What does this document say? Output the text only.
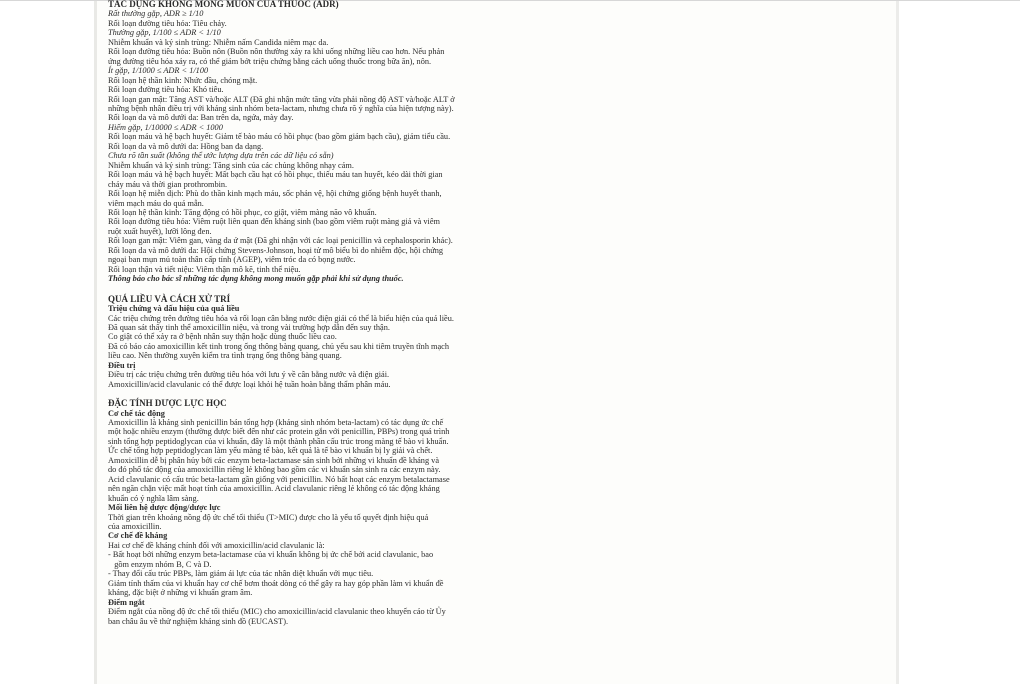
TÁC DỤNG KHÔNG MONG MUỐN CỦA THUỐC (ADR)

Rất thường gặp, ADR ≥ 1/10

Rối loạn đường tiêu hóa: Tiêu chảy.

Thường gặp, 1/100 ≤ ADR < 1/10

Nhiễm khuẩn và ký sinh trùng: Nhiễm nấm Candida niêm mạc da.

Rối loạn đường tiêu hóa: Buồn nôn (Buồn nôn thường xảy ra khi uống những liều cao hơn. Nếu phản

ứng đường tiêu hóa xảy ra, có thể giảm bớt triệu chứng bằng cách uống thuốc trong bữa ăn), nôn.

Ít gặp, 1/1000 ≤ ADR < 1/100

Rối loạn hệ thần kinh: Nhức đầu, chóng mặt.

Rối loạn đường tiêu hóa: Khó tiêu.

Rối loạn gan mật: Tăng AST và/hoặc ALT (Đã ghi nhận mức tăng vừa phải nồng độ AST và/hoặc ALT ở

những bệnh nhân điều trị với kháng sinh nhóm beta-lactam, nhưng chưa rõ ý nghĩa của hiện tượng này).

Rối loạn da và mô dưới da: Ban trên da, ngứa, mày đay.

Hiếm gặp, 1/10000 ≤ ADR < 1000

Rối loạn máu và hệ bạch huyết: Giảm tế bào máu có hồi phục (bao gồm giảm bạch cầu), giảm tiểu cầu.

Rối loạn da và mô dưới da: Hồng ban đa dạng.

Chưa rõ tần suất (không thể ước lượng dựa trên các dữ liệu có sẵn)

Nhiễm khuẩn và ký sinh trùng: Tăng sinh của các chủng không nhạy cảm.

Rối loạn máu và hệ bạch huyết: Mất bạch cầu hạt có hồi phục, thiếu máu tan huyết, kéo dài thời gian

chảy máu và thời gian prothrombin.

Rối loạn hệ miễn dịch: Phù do thần kinh mạch máu, sốc phản vệ, hội chứng giống bệnh huyết thanh,

viêm mạch máu do quá mẫn.

Rối loạn hệ thần kinh: Tăng động có hồi phục, co giật, viêm màng não vô khuẩn.

Rối loạn đường tiêu hóa: Viêm ruột liên quan đến kháng sinh (bao gồm viêm ruột màng giả và viêm

ruột xuất huyết), lưỡi lông đen.

Rối loạn gan mật: Viêm gan, vàng da ứ mật (Đã ghi nhận với các loại penicillin và cephalosporin khác).

Rối loạn da và mô dưới da: Hội chứng Stevens-Johnson, hoại tử mô biểu bì do nhiễm độc, hội chứng

ngoại ban mụn mủ toàn thân cấp tính (AGEP), viêm tróc da có bọng nước.

Rối loạn thận và tiết niệu: Viêm thận mô kẽ, tinh thể niệu.

Thông báo cho bác sĩ những tác dụng không mong muốn gặp phải khi sử dụng thuốc.

QUÁ LIỀU VÀ CÁCH XỬ TRÍ

Triệu chứng và dấu hiệu của quá liều

Các triệu chứng trên đường tiêu hóa và rối loạn cân bằng nước điện giải có thể là biểu hiện của quá liều.

Đã quan sát thấy tinh thể amoxicillin niệu, và trong vài trường hợp dẫn đến suy thận.

Co giật có thể xảy ra ở bệnh nhân suy thận hoặc dùng thuốc liều cao.

Đã có báo cáo amoxicillin kết tinh trong ống thông bàng quang, chủ yếu sau khi tiêm truyền tĩnh mạch

liều cao. Nên thường xuyên kiểm tra tình trạng ống thông bàng quang.

Điều trị

Điều trị các triệu chứng trên đường tiêu hóa với lưu ý về cân bằng nước và điện giải.

Amoxicillin/acid clavulanic có thể được loại khỏi hệ tuần hoàn bằng thẩm phân máu.

ĐẶC TÍNH DƯỢC LỰC HỌC

Cơ chế tác động

Amoxicillin là kháng sinh penicillin bán tổng hợp (kháng sinh nhóm beta-lactam) có tác dụng ức chế

một hoặc nhiều enzym (thường được biết đến như các protein gắn với penicillin, PBPs) trong quá trình

sinh tổng hợp peptidoglycan của vi khuẩn, đây là một thành phần cấu trúc trong màng tế bào vi khuẩn.

Ức chế tổng hợp peptidoglycan làm yếu màng tế bào, kết quả là tế bào vi khuẩn bị ly giải và chết.

Amoxicillin dễ bị phân hủy bởi các enzym beta-lactamase sản sinh bởi những vi khuẩn đề kháng và

do đó phổ tác động của amoxicillin riêng lẻ không bao gồm các vi khuẩn sản sinh ra các enzym này.

Acid clavulanic có cấu trúc beta-lactam gần giống với penicillin. Nó bất hoạt các enzym betalactamase

nên ngăn chặn việc mất hoạt tính của amoxicillin. Acid clavulanic riêng lẻ không có tác động kháng

khuẩn có ý nghĩa lâm sàng.

Mối liên hệ dược động/dược lực

Thời gian trên khoảng nồng độ ức chế tối thiểu (T>MIC) được cho là yếu tố quyết định hiệu quả

của amoxicillin.

Cơ chế đề kháng

Hai cơ chế đề kháng chính đối với amoxicillin/acid clavulanic là:

- Bất hoạt bởi những enzym beta-lactamase của vi khuẩn không bị ức chế bởi acid clavulanic, bao

gồm enzym nhóm B, C và D.

- Thay đổi cấu trúc PBPs, làm giảm ái lực của tác nhân diệt khuẩn với mục tiêu.

Giảm tính thấm của vi khuẩn hay cơ chế bơm thoát dòng có thể gây ra hay góp phần làm vi khuẩn đề

kháng, đặc biệt ở những vi khuẩn gram âm.

Điểm ngắt

Điểm ngắt của nồng độ ức chế tối thiểu (MIC) cho amoxicillin/acid clavulanic theo khuyến cáo từ Ủy

ban châu âu về thử nghiệm kháng sinh đồ (EUCAST).
